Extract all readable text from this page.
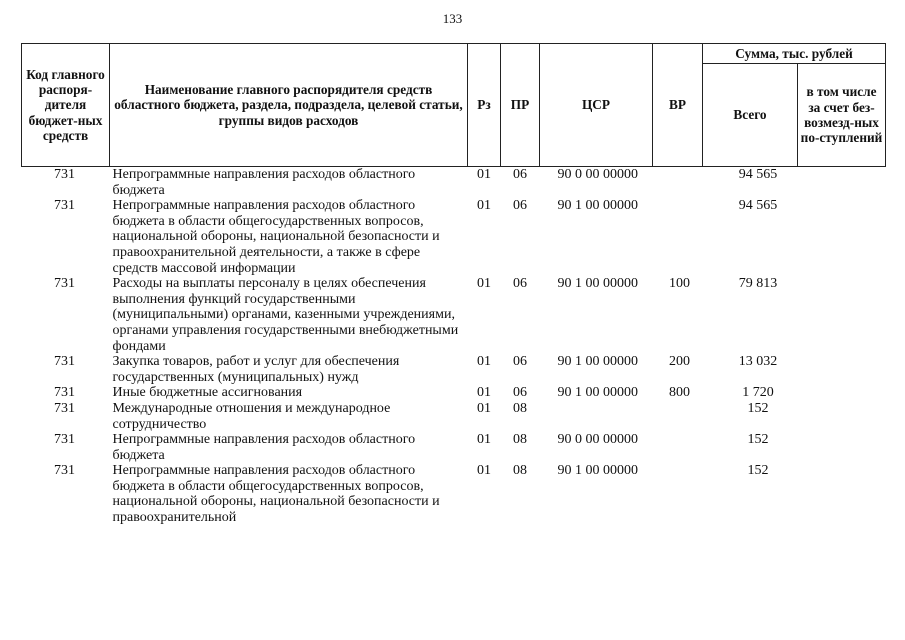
133
Код главного распоря-дителя бюджет-ных средств	Наименование главного распорядителя средств областного бюджета, раздела, подраздела, целевой статьи, группы видов расходов	Рз	ПР	ЦСР	ВР	Сумма, тыс. рублей	
						Всего	в том числе за счет без-возмезд-ных по-ступлений
731	Непрограммные направления расходов областного бюджета	01	06	90 0 00 00000		94 565	
731	Непрограммные направления расходов областного бюджета в области общегосударственных вопросов, национальной обороны, национальной безопасности и правоохранительной деятельности, а также в сфере средств массовой информации	01	06	90 1 00 00000		94 565	
731	Расходы на выплаты персоналу в целях обеспечения выполнения функций государственными (муниципальными) органами, казенными учреждениями, органами управления государственными внебюджетными фондами	01	06	90 1 00 00000	100	79 813	
731	Закупка товаров, работ и услуг для обеспечения государственных (муниципальных) нужд	01	06	90 1 00 00000	200	13 032	
731	Иные бюджетные ассигнования	01	06	90 1 00 00000	800	1 720	
731	Международные отношения и международное сотрудничество	01	08			152	
731	Непрограммные направления расходов областного бюджета	01	08	90 0 00 00000		152	
731	Непрограммные направления расходов областного бюджета в области общегосударственных вопросов, национальной обороны, национальной безопасности и правоохранительной	01	08	90 1 00 00000		152	
